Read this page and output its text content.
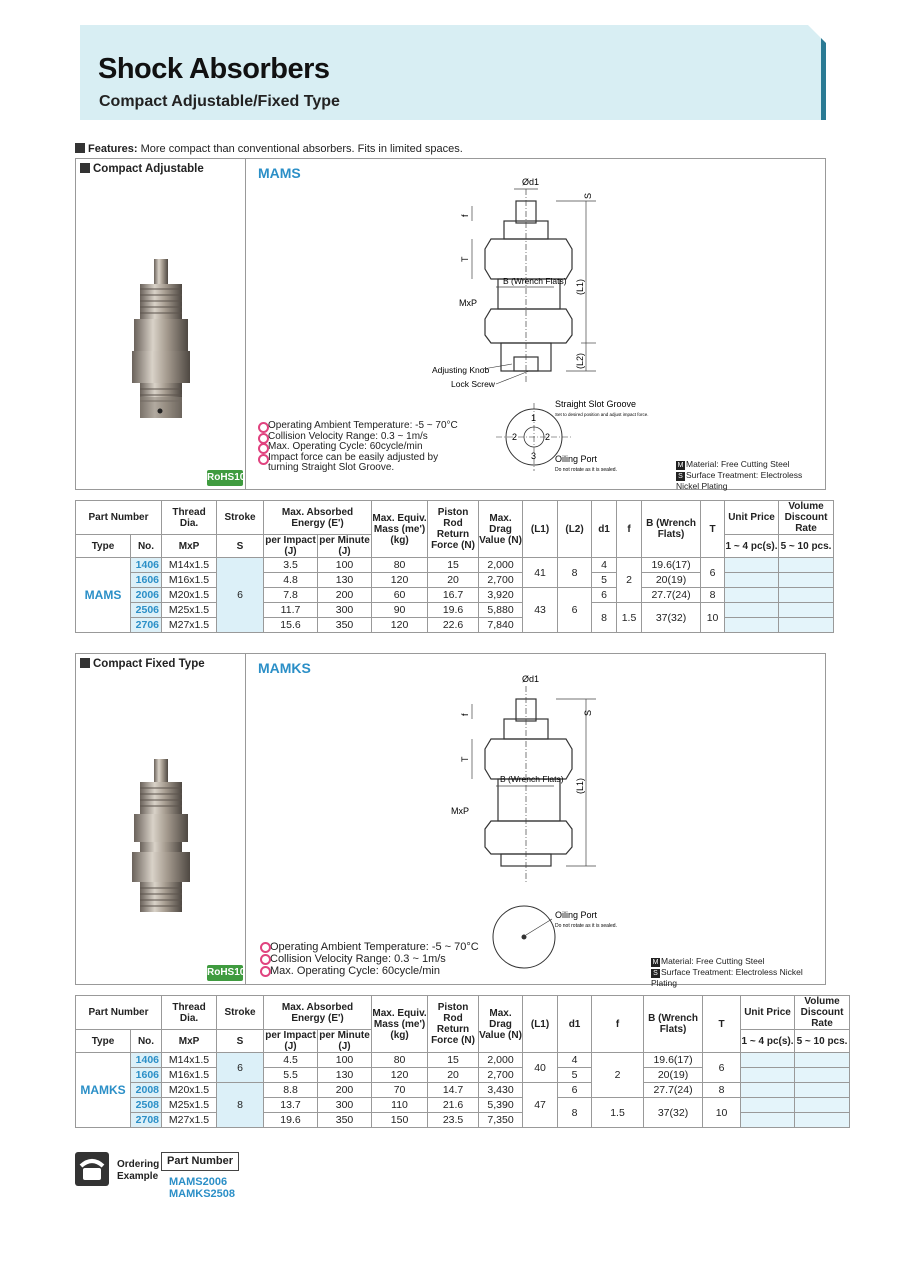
Shock Absorbers
Compact Adjustable/Fixed Type
Features: More compact than conventional absorbers. Fits in limited spaces.
Compact Adjustable
RoHS10
MAMS
Ød1
S
f
T
B (Wrench Flats) (L1)
(L2)
MxP
Adjusting Knob
Lock Screw
1
2	2
3
Straight Slot Groove
Set to desired position and adjust impact force.
Oiling Port
Do not rotate as it is sealed.
Operating Ambient Temperature: -5 ~ 70°C
Collision Velocity Range: 0.3 ~ 1m/s
Max. Operating Cycle: 60cycle/min
Impact force can be easily adjusted by turning Straight Slot Groove.	M Material: Free Cutting Steel
S Surface Treatment: Electroless Nickel Plating
Part Number		Thread Dia.	Stroke	Max. Absorbed Energy (E')		Max. Equiv. Mass (me')(kg)	Piston Rod Return Force (N)	Max. Drag Value (N)	(L1)	(L2)	d1	f	B (Wrench Flats)	T	Unit Price	Volume Discount Rate
Type	No.	MxP	S	per Impact (J)	per Minute (J)										
															1 ~ 4 pc(s).	5 ~ 10 pcs.
MAMS	1406	M14x1.5	6	3.5	100	80	15	2,000	41	8	4	2	19.6(17)	6		
	1606	M16x1.5		4.8	130	120	20	2,700			5		20(19)			
	2006	M20x1.5		7.8	200	60	16.7	3,920	43	6	6		27.7(24)	8		
	2506	M25x1.5		11.7	300	90	19.6	5,880			8	1.5	37(32)	10		
	2706	M27x1.5		15.6	350	120	22.6	7,840								
Compact Fixed Type
RoHS10
MAMKS
Ød1
S
f
T
B (Wrench Flats) (L1)
MxP
Oiling Port
Do not rotate as it is sealed.
Operating Ambient Temperature: -5 ~ 70°C
Collision Velocity Range: 0.3 ~ 1m/s
Max. Operating Cycle: 60cycle/min
M Material: Free Cutting Steel
S Surface Treatment: Electroless Nickel Plating
Part Number		Thread Dia.	Stroke	Max. Absorbed Energy (E')		Max. Equiv. Mass (me')(kg)	Piston Rod Return Force (N)	Max. Drag Value (N)	(L1)	d1	f	B (Wrench Flats)	T	Unit Price	Volume Discount Rate
Type	No.	MxP	S	per Impact (J)	per Minute (J)										
														1 ~ 4 pc(s).	5 ~ 10 pcs.
MAMKS	1406	M14x1.5	6	4.5	100	80	15	2,000	40	4	2	19.6(17)	6		
	1606	M16x1.5		5.5	130	120	20	2,700		5		20(19)			
	2008	M20x1.5	8	8.8	200	70	14.7	3,430	47	6		27.7(24)	8		
	2508	M25x1.5		13.7	300	110	21.6	5,390		8	1.5	37(32)	10		
	2708	M27x1.5		19.6	350	150	23.5	7,350							
Ordering Example
Part Number
MAMS2006
MAMKS2508
